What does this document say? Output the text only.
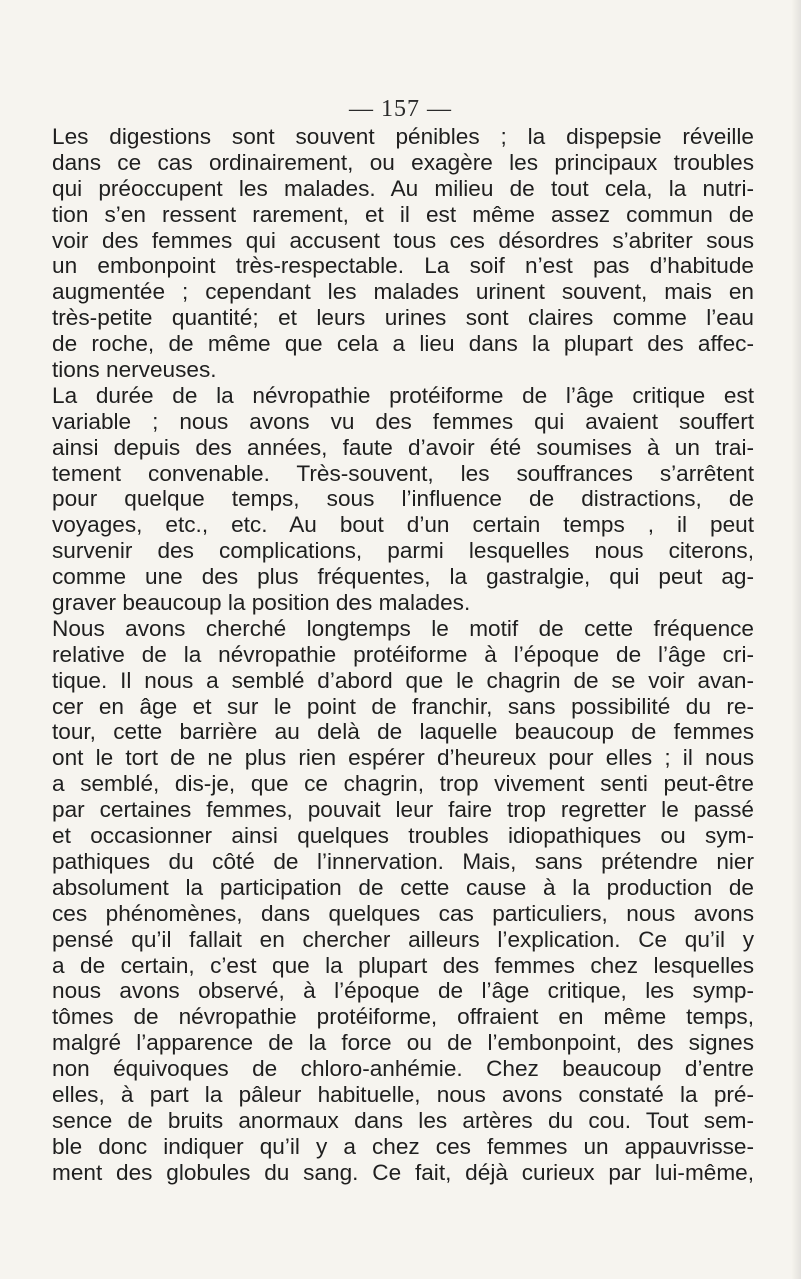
— 157 —
Les digestions sont souvent pénibles ; la dispepsie réveille
dans ce cas ordinairement, ou exagère les principaux troubles
qui préoccupent les malades. Au milieu de tout cela, la nutri-
tion s’en ressent rarement, et il est même assez commun de
voir des femmes qui accusent tous ces désordres s’abriter sous
un embonpoint très-respectable. La soif n’est pas d’habitude
augmentée ; cependant les malades urinent souvent, mais en
très-petite quantité; et leurs urines sont claires comme l’eau
de roche, de même que cela a lieu dans la plupart des affec-
tions nerveuses.
La durée de la névropathie protéiforme de l’âge critique est
variable ; nous avons vu des femmes qui avaient souffert
ainsi depuis des années, faute d’avoir été soumises à un trai-
tement convenable. Très-souvent, les souffrances s’arrêtent
pour quelque temps, sous l’influence de distractions, de
voyages, etc., etc. Au bout d’un certain temps , il peut
survenir des complications, parmi lesquelles nous citerons,
comme une des plus fréquentes, la gastralgie, qui peut ag-
graver beaucoup la position des malades.
Nous avons cherché longtemps le motif de cette fréquence
relative de la névropathie protéiforme à l’époque de l’âge cri-
tique. Il nous a semblé d’abord que le chagrin de se voir avan-
cer en âge et sur le point de franchir, sans possibilité du re-
tour, cette barrière au delà de laquelle beaucoup de femmes
ont le tort de ne plus rien espérer d’heureux pour elles ; il nous
a semblé, dis-je, que ce chagrin, trop vivement senti peut-être
par certaines femmes, pouvait leur faire trop regretter le passé
et occasionner ainsi quelques troubles idiopathiques ou sym-
pathiques du côté de l’innervation. Mais, sans prétendre nier
absolument la participation de cette cause à la production de
ces phénomènes, dans quelques cas particuliers, nous avons
pensé qu’il fallait en chercher ailleurs l’explication. Ce qu’il y
a de certain, c’est que la plupart des femmes chez lesquelles
nous avons observé, à l’époque de l’âge critique, les symp-
tômes de névropathie protéiforme, offraient en même temps,
malgré l’apparence de la force ou de l’embonpoint, des signes
non équivoques de chloro-anhémie. Chez beaucoup d’entre
elles, à part la pâleur habituelle, nous avons constaté la pré-
sence de bruits anormaux dans les artères du cou. Tout sem-
ble donc indiquer qu’il y a chez ces femmes un appauvrisse-
ment des globules du sang. Ce fait, déjà curieux par lui-même,
